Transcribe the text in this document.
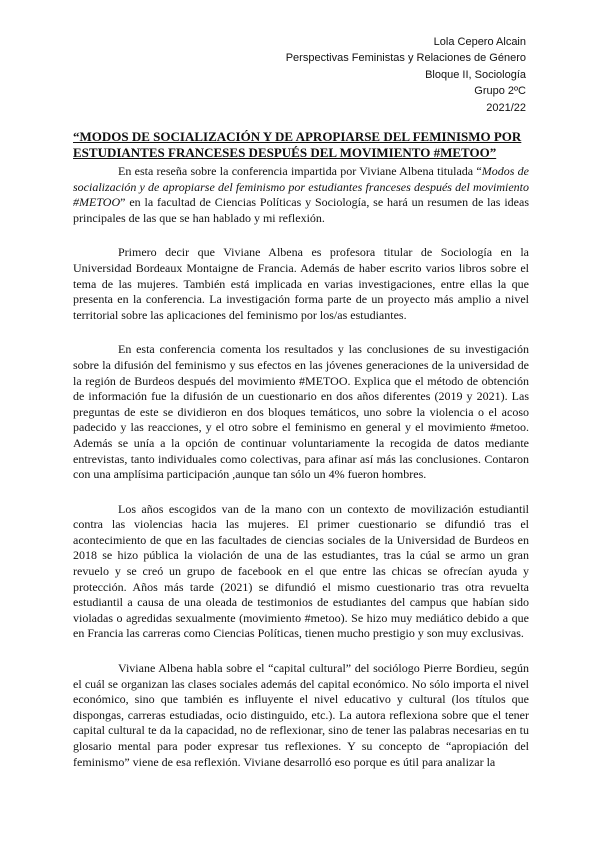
Lola Cepero Alcain
Perspectivas Feministas y Relaciones de Género
Bloque II, Sociología
Grupo 2ºC
2021/22
“MODOS DE SOCIALIZACIÓN Y DE APROPIARSE DEL FEMINISMO POR ESTUDIANTES FRANCESES DESPUÉS DEL MOVIMIENTO #METOO”

En esta reseña sobre la conferencia impartida por Viviane Albena titulada “Modos de socialización y de apropiarse del feminismo por estudiantes franceses después del movimiento #METOO” en la facultad de Ciencias Políticas y Sociología, se hará un resumen de las ideas principales de las que se han hablado y mi reflexión.

Primero decir que Viviane Albena es profesora titular de Sociología en la Universidad Bordeaux Montaigne de Francia. Además de haber escrito varios libros sobre el tema de las mujeres. También está implicada en varias investigaciones, entre ellas la que presenta en la conferencia. La investigación forma parte de un proyecto más amplio a nivel territorial sobre las aplicaciones del feminismo por los/as estudiantes.

En esta conferencia comenta los resultados y las conclusiones de su investigación sobre la difusión del feminismo y sus efectos en las jóvenes generaciones de la universidad de la región de Burdeos después del movimiento #METOO. Explica que el método de obtención de información fue la difusión de un cuestionario en dos años diferentes (2019 y 2021). Las preguntas de este se dividieron en dos bloques temáticos, uno sobre la violencia o el acoso padecido y las reacciones, y el otro sobre el feminismo en general y el movimiento #metoo. Además se unía a la opción de continuar voluntariamente la recogida de datos mediante entrevistas, tanto individuales como colectivas, para afinar así más las conclusiones. Contaron con una amplísima participación ,aunque tan sólo un 4% fueron hombres.

Los años escogidos van de la mano con un contexto de movilización estudiantil contra las violencias hacia las mujeres. El primer cuestionario se difundió tras el acontecimiento de que en las facultades de ciencias sociales de la Universidad de Burdeos en 2018 se hizo pública la violación de una de las estudiantes, tras la cúal se armo un gran revuelo y se creó un grupo de facebook en el que entre las chicas se ofrecían ayuda y protección. Años más tarde (2021) se difundió el mismo cuestionario tras otra revuelta estudiantil a causa de una oleada de testimonios de estudiantes del campus que habían sido violadas o agredidas sexualmente (movimiento #metoo). Se hizo muy mediático debido a que en Francia las carreras como Ciencias Políticas, tienen mucho prestigio y son muy exclusivas.

Viviane Albena habla sobre el “capital cultural” del sociólogo Pierre Bordieu, según el cuál se organizan las clases sociales además del capital económico. No sólo importa el nivel económico, sino que también es influyente el nivel educativo y cultural (los títulos que dispongas, carreras estudiadas, ocio distinguido, etc.). La autora reflexiona sobre que el tener capital cultural te da la capacidad, no de reflexionar, sino de tener las palabras necesarias en tu glosario mental para poder expresar tus reflexiones. Y su concepto de “apropiación del feminismo” viene de esa reflexión. Viviane desarrolló eso porque es útil para analizar la
